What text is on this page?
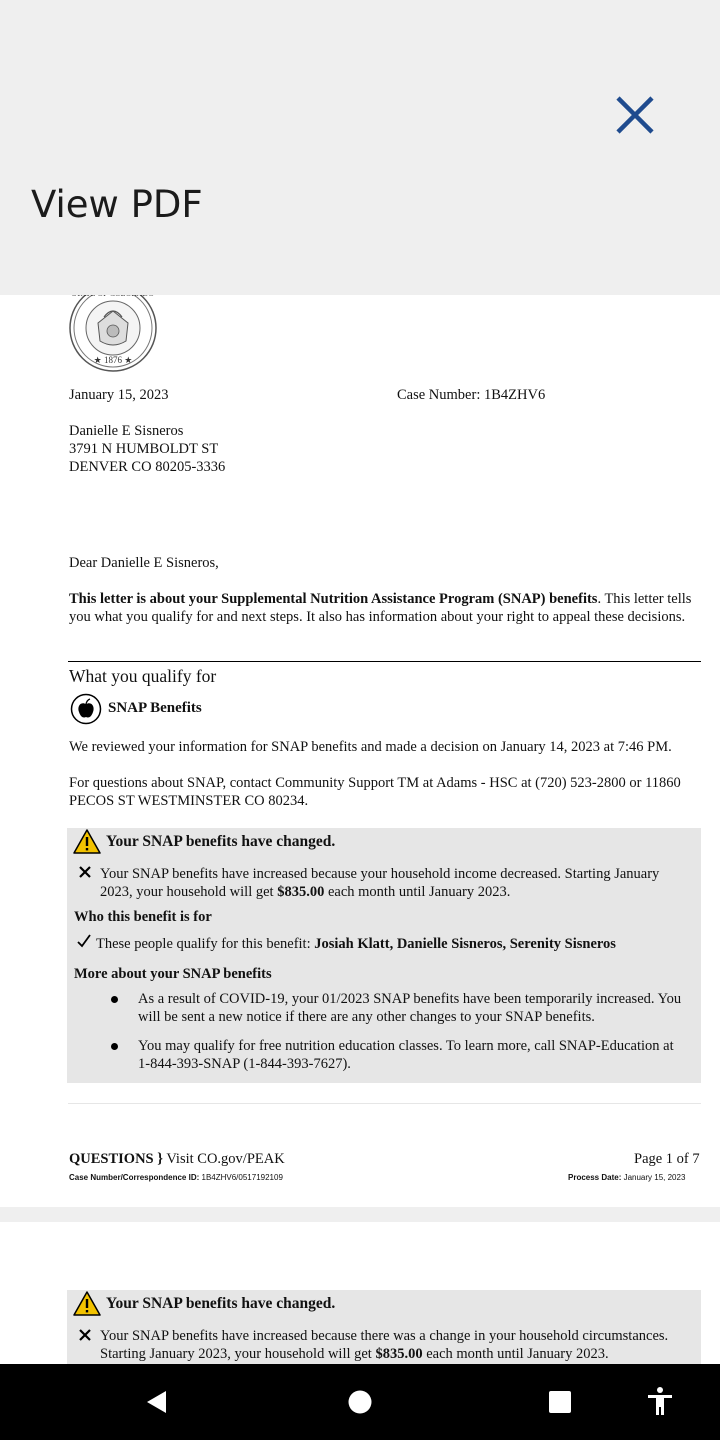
View PDF
★ 1876 ★
January 15, 2023	Case Number: 1B4ZHV6
Danielle E Sisneros
3791 N HUMBOLDT ST
DENVER CO 80205-3336
Dear Danielle E Sisneros,
This letter is about your Supplemental Nutrition Assistance Program (SNAP) benefits. This letter tells you what you qualify for and next steps. It also has information about your right to appeal these decisions.
What you qualify for
SNAP Benefits
We reviewed your information for SNAP benefits and made a decision on January 14, 2023 at 7:46 PM.
For questions about SNAP, contact Community Support TM at Adams - HSC at (720) 523-2800 or 11860 PECOS ST WESTMINSTER CO 80234.
Your SNAP benefits have changed.
Your SNAP benefits have increased because your household income decreased. Starting January 2023, your household will get $835.00 each month until January 2023.
Who this benefit is for
These people qualify for this benefit: Josiah Klatt, Danielle Sisneros, Serenity Sisneros
More about your SNAP benefits
As a result of COVID-19, your 01/2023 SNAP benefits have been temporarily increased. You will be sent a new notice if there are any other changes to your SNAP benefits.
You may qualify for free nutrition education classes. To learn more, call SNAP-Education at 1-844-393-SNAP (1-844-393-7627).
QUESTIONS } Visit CO.gov/PEAK	Page 1 of 7
Case Number/Correspondence ID: 1B4ZHV6/0517192109	Process Date: January 15, 2023
Your SNAP benefits have changed.
Your SNAP benefits have increased because there was a change in your household circumstances. Starting January 2023, your household will get $835.00 each month until January 2023.
